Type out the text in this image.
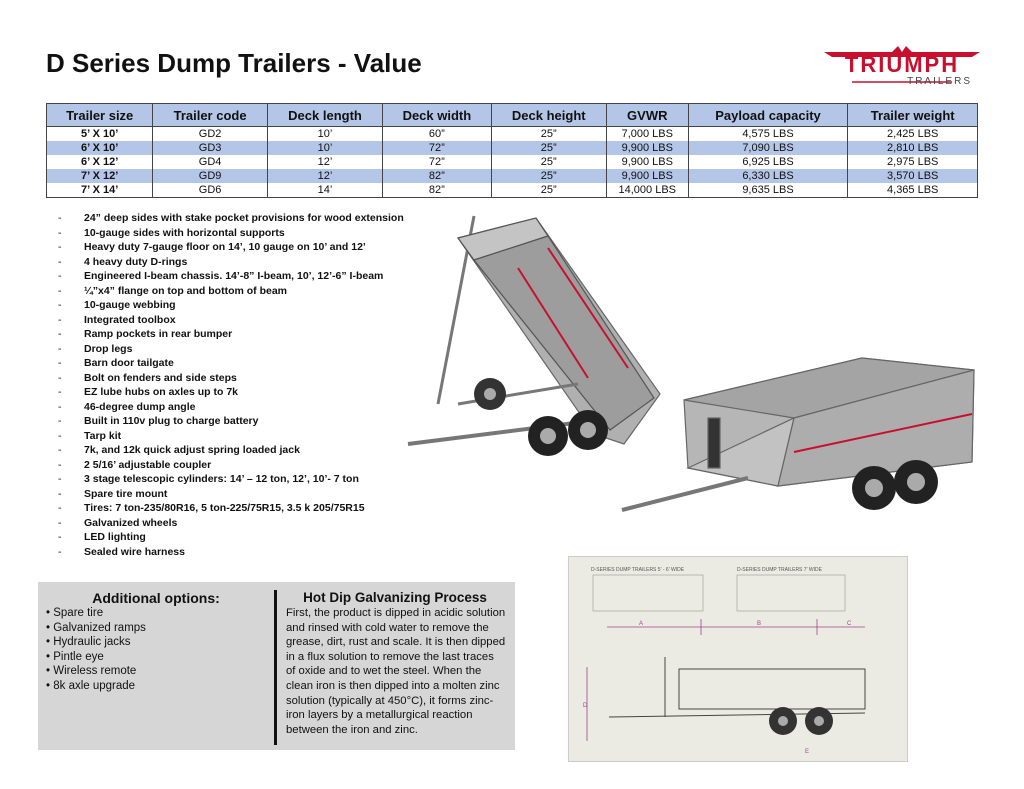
D Series Dump Trailers - Value	TRIUMPH
TRAILERS
Trailer size	Trailer code	Deck length	Deck width	Deck height	GVWR	Payload capacity	Trailer weight
5’ X 10’	GD2	10’	60”	25”	7,000 LBS	4,575 LBS	2,425 LBS
6’ X 10’	GD3	10’	72”	25”	9,900 LBS	7,090 LBS	2,810 LBS
6’ X 12’	GD4	12’	72”	25”	9,900 LBS	6,925 LBS	2,975 LBS
7’ X 12’	GD9	12’	82”	25”	9,900 LBS	6,330 LBS	3,570 LBS
7’ X 14’	GD6	14’	82”	25”	14,000 LBS	9,635 LBS	4,365 LBS
- 24” deep sides with stake pocket provisions for wood extension
- 10-gauge sides with horizontal supports
- Heavy duty 7-gauge floor on 14’, 10 gauge on 10’ and 12’
- 4 heavy duty D-rings
- Engineered I-beam chassis. 14’-8” I-beam, 10’, 12’-6” I-beam
- ¼”x4” flange on top and bottom of beam
- 10-gauge webbing
- Integrated toolbox
- Ramp pockets in rear bumper
- Drop legs
- Barn door tailgate
- Bolt on fenders and side steps
- EZ lube hubs on axles up to 7k
- 46-degree dump angle
- Built in 110v plug to charge battery
- Tarp kit
- 7k, and 12k quick adjust spring loaded jack
- 2 5/16’ adjustable coupler
- 3 stage telescopic cylinders: 14’ – 12 ton, 12’, 10’- 7 ton
- Spare tire mount
- Tires: 7 ton-235/80R16, 5 ton-225/75R15, 3.5 k 205/75R15
- Galvanized wheels
- LED lighting
- Sealed wire harness
Additional options:
• Spare tire
• Galvanized ramps
• Hydraulic jacks
• Pintle eye
• Wireless remote
• 8k axle upgrade
Hot Dip Galvanizing Process
First, the product is dipped in acidic solution and rinsed with cold water to remove the grease, dirt, rust and scale. It is then dipped in a flux solution to remove the last traces of oxide and to wet the steel. When the clean iron is then dipped into a molten zinc solution (typically at 450°C), it forms zinc-iron layers by a metallurgical reaction between the iron and zinc.
D-SERIES DUMP TRAILERS 5’ - 6’ WIDE	D-SERIES DUMP TRAILERS 7’ WIDE
A	B	C
D
E
